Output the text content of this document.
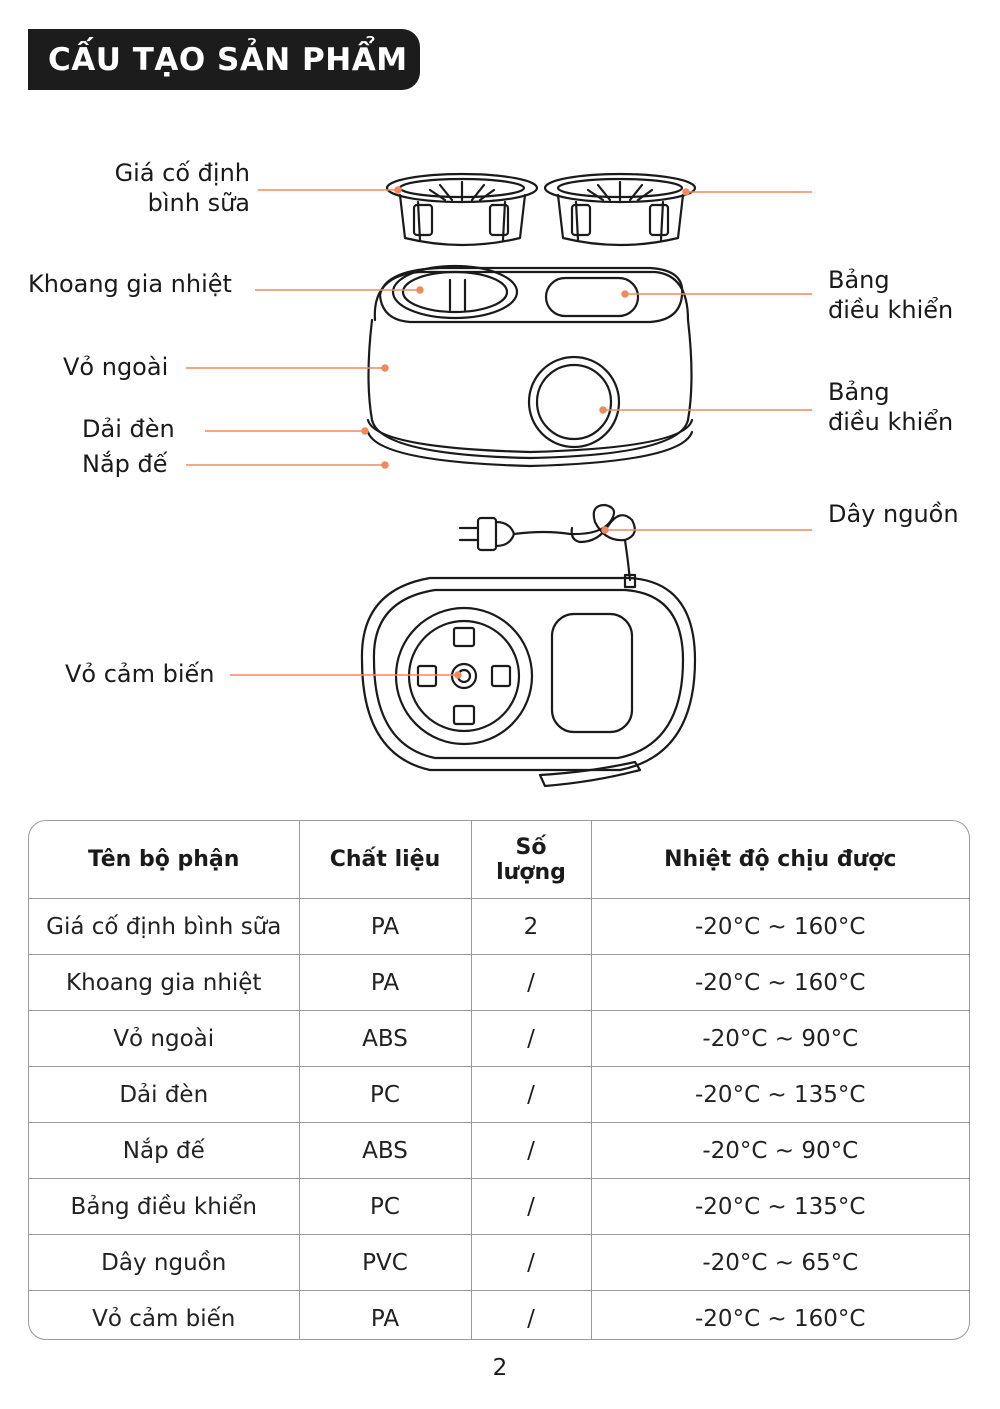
CẤU TẠO SẢN PHẨM
Giá cố định
bình sữa
Khoang gia nhiệt
Vỏ ngoài
Dải đèn
Nắp đế
Bảng
điều khiển
Bảng
điều khiển
Dây nguồn
Vỏ cảm biến
Tên bộ phận	Chất liệu	Số lượng	Nhiệt độ chịu được
Giá cố định bình sữa	PA	2	-20°C ~ 160°C
Khoang gia nhiệt	PA	/	-20°C ~ 160°C
Vỏ ngoài	ABS	/	-20°C ~ 90°C
Dải đèn	PC	/	-20°C ~ 135°C
Nắp đế	ABS	/	-20°C ~ 90°C
Bảng điều khiển	PC	/	-20°C ~ 135°C
Dây nguồn	PVC	/	-20°C ~ 65°C
Vỏ cảm biến	PA	/	-20°C ~ 160°C
2
